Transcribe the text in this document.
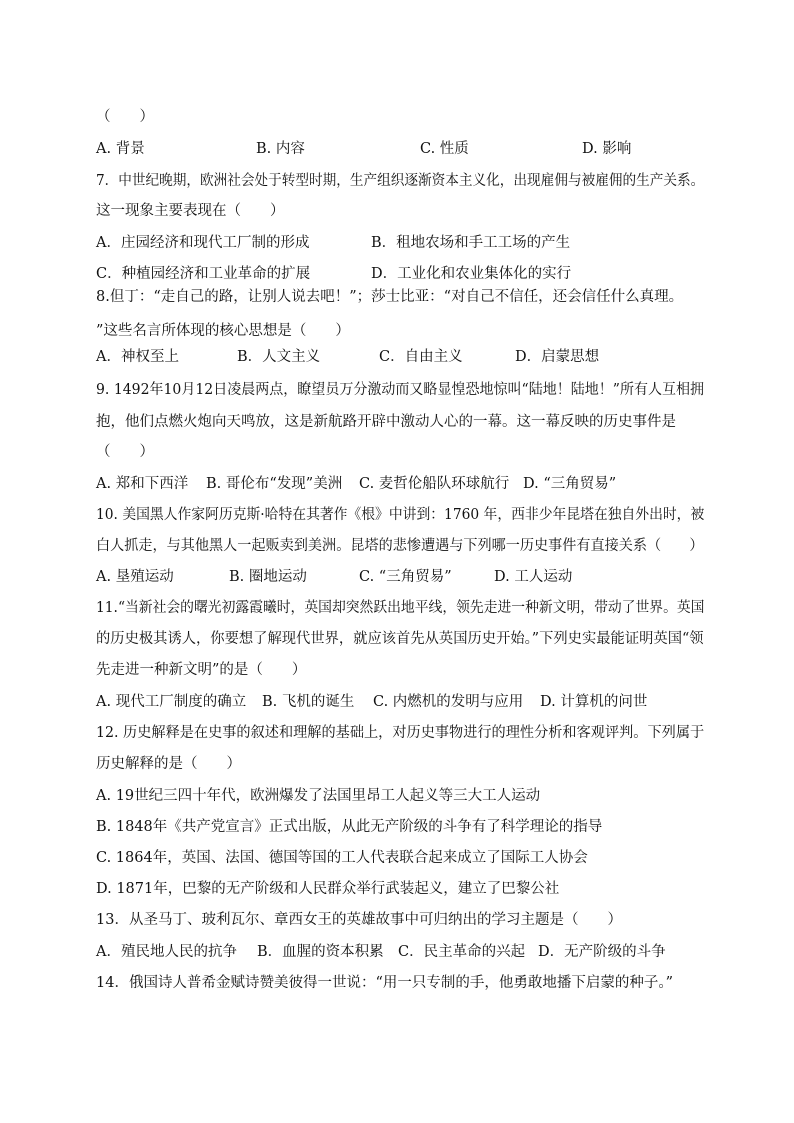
（　　）
A. 背景	B. 内容	C. 性质	D. 影响
7．中世纪晚期，欧洲社会处于转型时期，生产组织逐渐资本主义化，出现雇佣与被雇佣的生产关系。
这一现象主要表现在（　　）
A．庄园经济和现代工厂制的形成	B．租地农场和手工工场的产生
C．种植园经济和工业革命的扩展	D．工业化和农业集体化的实行
8.但丁：“走自己的路，让别人说去吧！”；莎士比亚：“对自己不信任，还会信任什么真理。
”这些名言所体现的核心思想是（　　）
A．神权至上	B．人文主义	C．自由主义	D．启蒙思想
9. 1492年10月12日凌晨两点，瞭望员万分激动而又略显惶恐地惊叫“陆地！陆地！”所有人互相拥
抱，他们点燃火炮向天鸣放，这是新航路开辟中激动人心的一幕。这一幕反映的历史事件是
（　　）
A. 郑和下西洋 B. 哥伦布“发现”美洲 C. 麦哲伦船队环球航行 D. “三角贸易”
10. 美国黑人作家阿历克斯·哈特在其著作《根》中讲到：1760 年，西非少年昆塔在独自外出时，被
白人抓走，与其他黑人一起贩卖到美洲。昆塔的悲惨遭遇与下列哪一历史事件有直接关系（　　）
A. 垦殖运动	B. 圈地运动	C. “三角贸易”	D. 工人运动
11.“当新社会的曙光初露霞曦时，英国却突然跃出地平线，领先走进一种新文明，带动了世界。英国
的历史极其诱人，你要想了解现代世界，就应该首先从英国历史开始。”下列史实最能证明英国“领
先走进一种新文明”的是（　　）
A. 现代工厂制度的确立 B. 飞机的诞生 C. 内燃机的发明与应用 D. 计算机的问世
12. 历史解释是在史事的叙述和理解的基础上，对历史事物进行的理性分析和客观评判。下列属于
历史解释的是（　　）
A. 19世纪三四十年代，欧洲爆发了法国里昂工人起义等三大工人运动
B. 1848年《共产党宣言》正式出版，从此无产阶级的斗争有了科学理论的指导
C. 1864年，英国、法国、德国等国的工人代表联合起来成立了国际工人协会
D. 1871年，巴黎的无产阶级和人民群众举行武装起义，建立了巴黎公社
13．从圣马丁、玻利瓦尔、章西女王的英雄故事中可归纳出的学习主题是（　　）
A．殖民地人民的抗争 B．血腥的资本积累 C．民主革命的兴起 D．无产阶级的斗争
14．俄国诗人普希金赋诗赞美彼得一世说：“用一只专制的手，他勇敢地播下启蒙的种子。”
